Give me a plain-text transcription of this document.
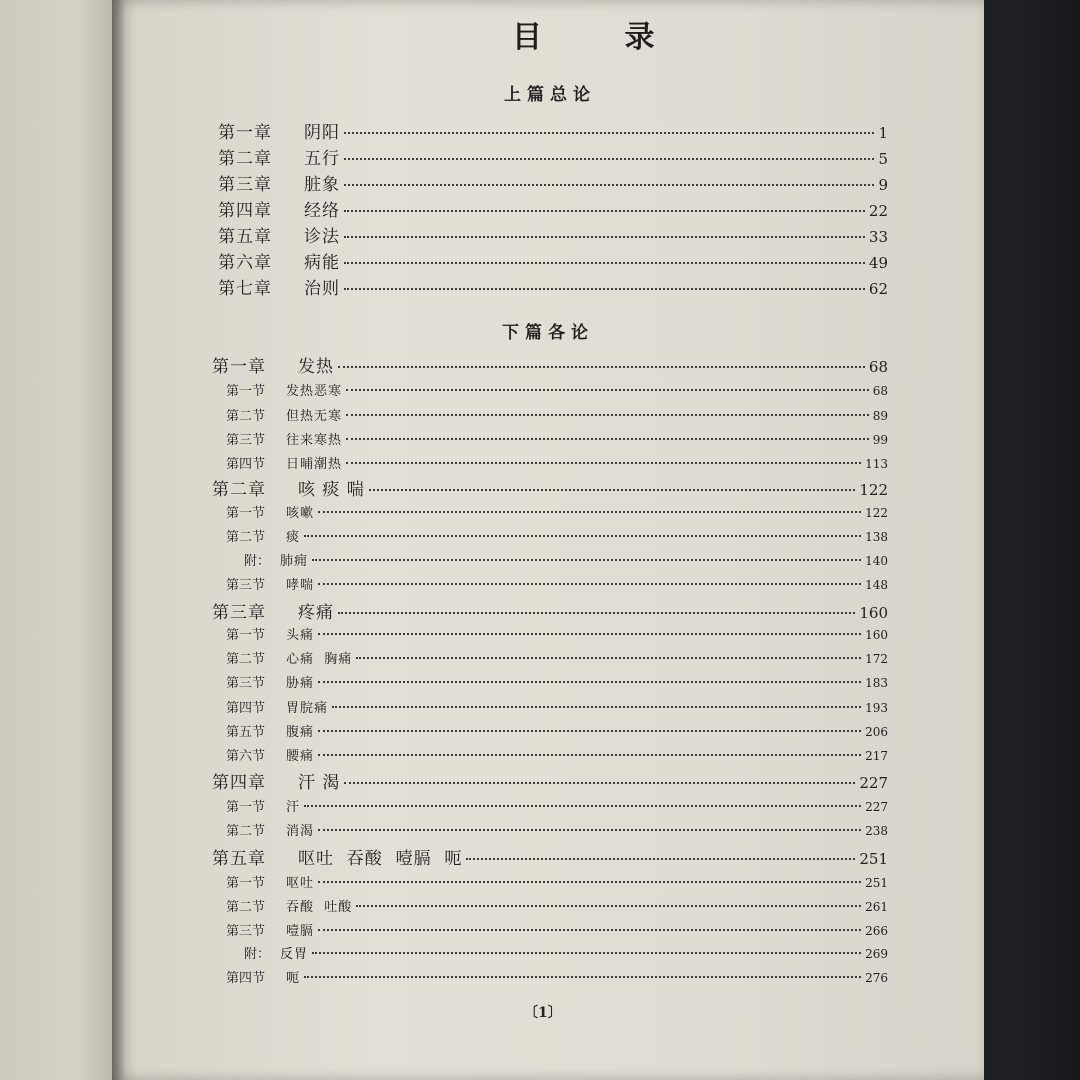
目 录
上篇总论
第一章	阴阳	1
第二章	五行	5
第三章	脏象	9
第四章	经络	22
第五章	诊法	33
第六章	病能	49
第七章	治则	62
下篇各论
第一章	发热	68
第一节	发热恶寒	68
第二节	但热无寒	89
第三节	往来寒热	99
第四节	日晡潮热	113
第二章	咳 痰 喘	122
第一节	咳嗽	122
第二节	痰	138
附： 肺痈	140
第三节	哮喘	148
第三章	疼痛	160
第一节	头痛	160
第二节	心痛  胸痛	172
第三节	胁痛	183
第四节	胃脘痛	193
第五节	腹痛	206
第六节	腰痛	217
第四章	汗 渴	227
第一节	汗	227
第二节	消渴	238
第五章	呕吐  吞酸  噎膈  呃	251
第一节	呕吐	251
第二节	吞酸  吐酸	261
第三节	噎膈	266
附： 反胃	269
第四节	呃	276
〔1〕
